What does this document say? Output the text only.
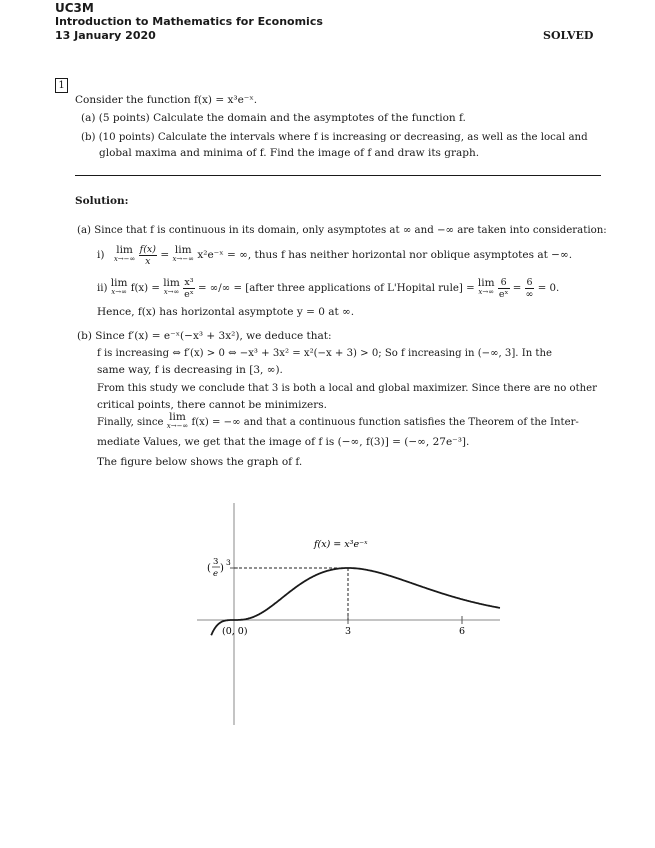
UC3M
Introduction to Mathematics for Economics
13 January 2020	SOLVED
1
Consider the function f(x) = x³e⁻ˣ.
(a) (5 points) Calculate the domain and the asymptotes of the function f.
(b) (10 points) Calculate the intervals where f is increasing or decreasing, as well as the local and
global maxima and minima of f. Find the image of f and draw its graph.
Solution:
(a) Since that f is continuous in its domain, only asymptotes at ∞ and −∞ are taken into consideration:
i) lim
x→−∞
$\frac{f(x)}{x} = \lim$
x→−∞ x²e⁻ˣ = ∞, thus f has neither horizontal nor oblique asymptotes at −∞.
ii) lim
x→∞ f(x) = lim
x→∞
$\frac{\text{x³}}{\text{eˣ}}$ = ∞/∞ = [after three applications of L'Hopital rule] = lim
x→∞
$\frac{6}{\text{eˣ}} = \frac{6}{\infty} = 0$.
Hence, f(x) has horizontal asymptote y = 0 at ∞.
(b) Since f′(x) = e⁻ˣ(−x³ + 3x²), we deduce that:
f is increasing ⇔ f′(x) > 0 ⇔ −x³ + 3x² = x²(−x + 3) > 0; So f increasing in (−∞, 3]. In the
same way, f is decreasing in [3, ∞).
From this study we conclude that 3 is both a local and global maximizer. Since there are no other
critical points, there cannot be minimizers.
Finally, since lim
x→−∞ f(x) = −∞ and that a continuous function satisfies the Theorem of the Inter-
mediate Values, we get that the image of f is (−∞, f(3)] = (−∞, 27e⁻³].
The figure below shows the graph of f.
f(x) = x³e⁻ˣ
(0, 0)	3	6
(
3
e )
3
